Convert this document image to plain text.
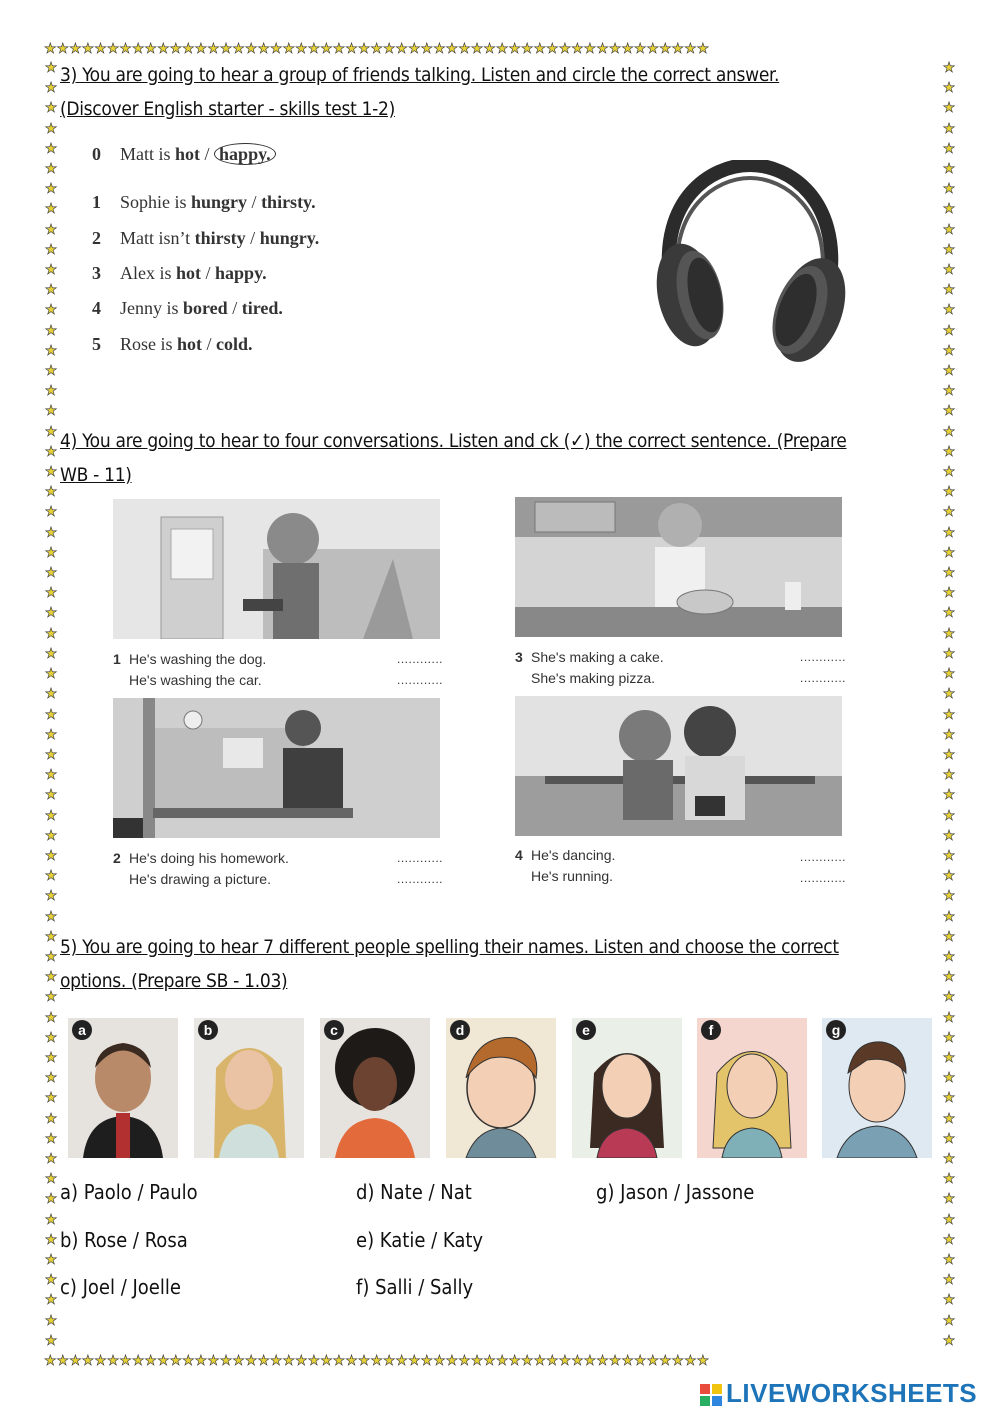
★★★★★★★★★★★★★★★★★★★★★★★★★★★★★★★★★★★★★★★★★★★★★★★★★★★★★
★★★★★★★★★★★★★★★★★★★★★★★★★★★★★★★★★★★★★★★★★★★★★★★★★★★★★
★
★
★
★
★
★
★
★
★
★
★
★
★
★
★
★
★
★
★
★
★
★
★
★
★
★
★
★
★
★
★
★
★
★
★
★
★
★
★
★
★
★
★
★
★
★
★
★
★
★
★
★
★
★
★
★
★
★
★
★
★
★
★
★
★
★
★
★
★
★
★
★
★
★
★
★
★
★
★
★
★
★
★
★
★
★
★
★
★
★
★
★
★
★
★
★
★
★
★
★
★
★
★
★
★
★
★
★
★
★
★
★
★
★
★
★
★
★
★
★
★
★
★
★
★
★
★
★
3) You are going to hear a group of friends talking. Listen and circle the correct answer.
(Discover English starter - skills test 1-2)
0 Matt is hot / happy.
1 Sophie is hungry / thirsty.
2 Matt isn’t thirsty / hungry.
3 Alex is hot / happy.
4 Jenny is bored / tired.
5 Rose is hot / cold.
4) You are going to hear to four conversations. Listen and ck (✓) the correct sentence. (Prepare
WB - 11)
1 He's washing the dog.
He's washing the car.
............
............
3 She's making a cake.
She's making pizza.
............
............
2 He's doing his homework.
He's drawing a picture.
............
............
4 He's dancing.
He's running.
............
............
5) You are going to hear 7 different people spelling their names. Listen and choose the correct
options. (Prepare SB - 1.03)
a	b	c	d	e	f	g
a) Paolo / Paulo
b) Rose / Rosa
c) Joel / Joelle
d) Nate / Nat
e) Katie / Katy
f) Salli / Sally
g) Jason / Jassone
LIVEWORKSHEETS
